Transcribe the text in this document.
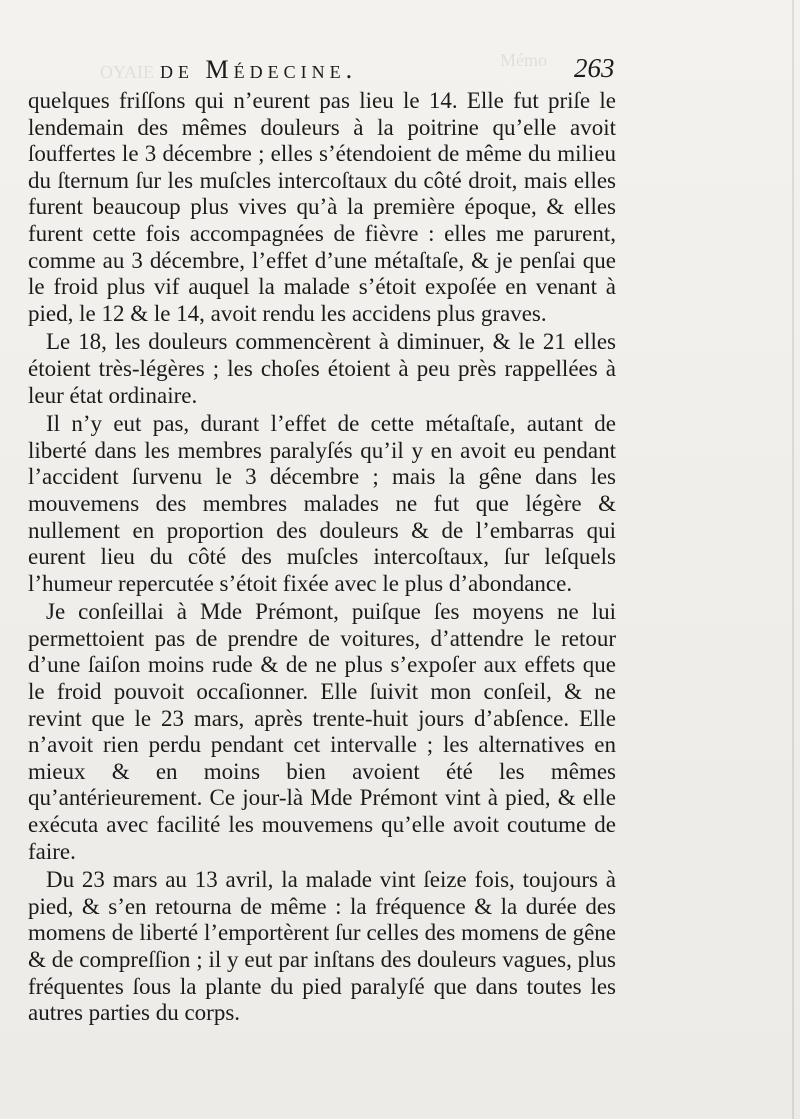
OYAIE
Mémo
de Médecine.	263

quelques friſſons qui n’eurent pas lieu le 14. Elle fut priſe le lendemain des mêmes douleurs à la poitrine qu’elle avoit ſouffertes le 3 décembre ; elles s’étendoient de même du milieu du ſternum ſur les muſcles intercoſtaux du côté droit, mais elles furent beaucoup plus vives qu’à la première époque, & elles furent cette fois accompagnées de fièvre : elles me parurent, comme au 3 décembre, l’effet d’une métaſtaſe, & je penſai que le froid plus vif auquel la malade s’étoit expoſée en venant à pied, le 12 & le 14, avoit rendu les accidens plus graves.

Le 18, les douleurs commencèrent à diminuer, & le 21 elles étoient très-légères ; les choſes étoient à peu près rappellées à leur état ordinaire.

Il n’y eut pas, durant l’effet de cette métaſtaſe, autant de liberté dans les membres paralyſés qu’il y en avoit eu pendant l’accident ſurvenu le 3 décembre ; mais la gêne dans les mouvemens des membres malades ne fut que légère & nullement en proportion des douleurs & de l’embarras qui eurent lieu du côté des muſcles intercoſtaux, ſur leſquels l’humeur repercutée s’étoit fixée avec le plus d’abondance.

Je conſeillai à Mde Prémont, puiſque ſes moyens ne lui permettoient pas de prendre de voitures, d’attendre le retour d’une ſaiſon moins rude & de ne plus s’expoſer aux effets que le froid pouvoit occaſionner. Elle ſuivit mon conſeil, & ne revint que le 23 mars, après trente-huit jours d’abſence. Elle n’avoit rien perdu pendant cet intervalle ; les alternatives en mieux & en moins bien avoient été les mêmes qu’antérieurement. Ce jour-là Mde Prémont vint à pied, & elle exécuta avec facilité les mouvemens qu’elle avoit coutume de faire.

Du 23 mars au 13 avril, la malade vint ſeize fois, toujours à pied, & s’en retourna de même : la fréquence & la durée des momens de liberté l’emportèrent ſur celles des momens de gêne & de compreſſion ; il y eut par inſtans des douleurs vagues, plus fréquentes ſous la plante du pied paralyſé que dans toutes les autres parties du corps.
